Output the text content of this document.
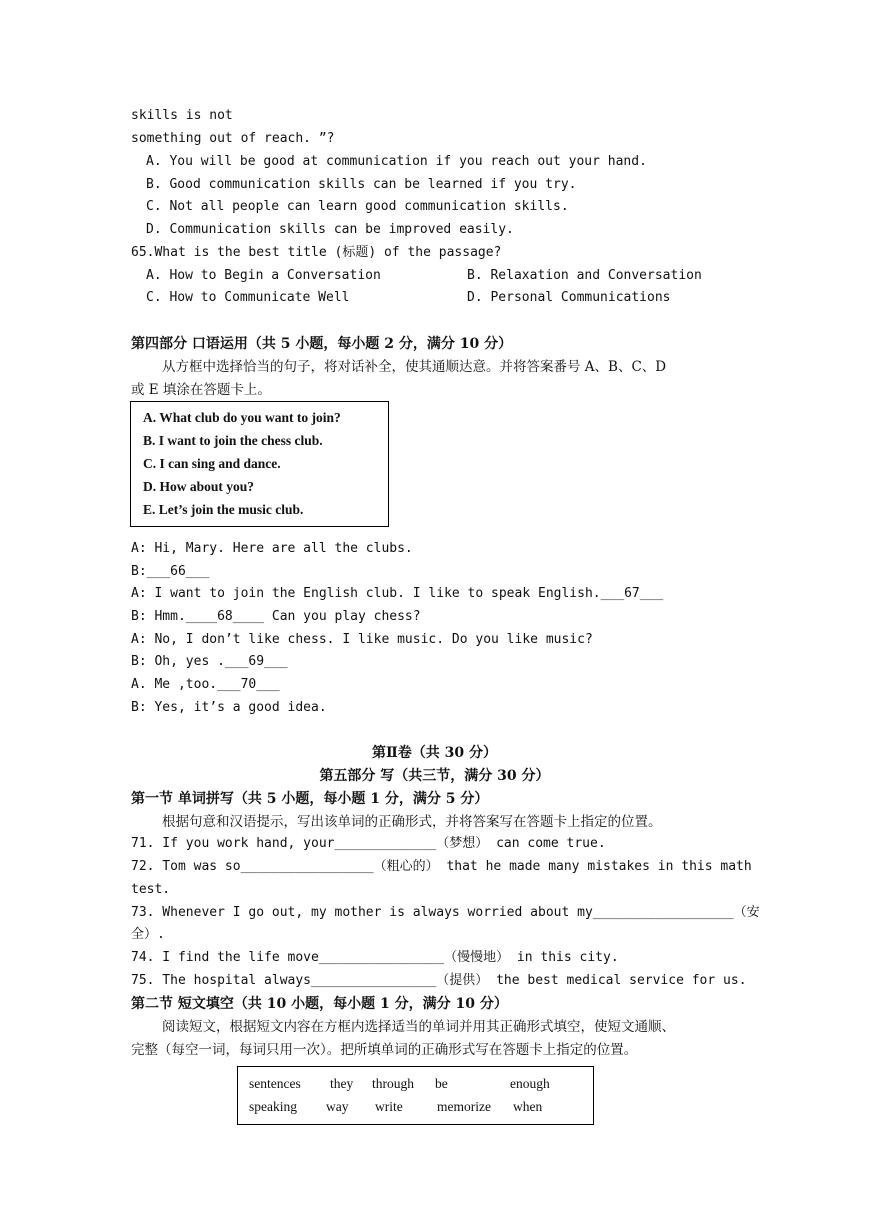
skills is not
something out of reach. ”?
A. You will be good at communication if you reach out your hand.
B. Good communication skills can be learned if you try.
C. Not all people can learn good communication skills.
D. Communication skills can be improved easily.
65.What is the best title (标题) of the passage?
A. How to Begin a Conversation	B. Relaxation and Conversation
C. How to Communicate Well	D. Personal Communications
第四部分 口语运用（共 5 小题，每小题 2 分，满分 10 分）
从方框中选择恰当的句子，将对话补全，使其通顺达意。并将答案番号 A、B、C、D
或 E 填涂在答题卡上。
A. What club do you want to join?
B. I want to join the chess club.
C. I can sing and dance.
D. How about you?
E. Let’s join the music club.
A: Hi, Mary. Here are all the clubs.
B:___66___
A: I want to join the English club. I like to speak English.___67___
B: Hmm.____68____ Can you play chess?
A: No, I don’t like chess. I like music. Do you like music?
B: Oh, yes .___69___
A. Me ,too.___70___
B: Yes, it’s a good idea.
第Ⅱ卷（共 30 分）
第五部分 写（共三节，满分 30 分）
第一节 单词拼写（共 5 小题，每小题 1 分，满分 5 分）
根据句意和汉语提示，写出该单词的正确形式，并将答案写在答题卡上指定的位置。
71. If you work hand, your_____________（梦想） can come true.
72. Tom was so_________________（粗心的） that he made many mistakes in this math
test.
73. Whenever I go out, my mother is always worried about my__________________（安
全）.
74. I find the life move________________（慢慢地） in this city.
75. The hospital always________________（提供） the best medical service for us.
第二节 短文填空（共 10 小题，每小题 1 分，满分 10 分）
阅读短文，根据短文内容在方框内选择适当的单词并用其正确形式填空，使短文通顺、
完整（每空一词，每词只用一次）。把所填单词的正确形式写在答题卡上指定的位置。
sentences they through be	enough
speaking way write	memorize when
